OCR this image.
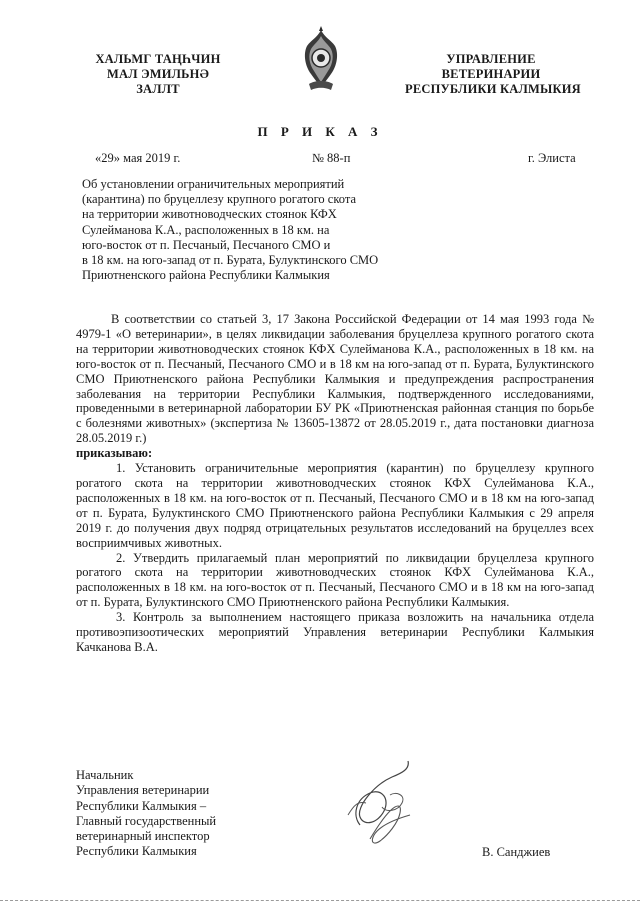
ХАЛЬМГ ТАҢҺЧИН
МАЛ ЭМИЛЬНӘ
ЗАЛЛТ
УПРАВЛЕНИЕ
ВЕТЕРИНАРИИ
РЕСПУБЛИКИ КАЛМЫКИЯ
П Р И К А З
«29» мая 2019 г.	№ 88-п	г. Элиста
Об установлении ограничительных мероприятий
(карантина) по бруцеллезу крупного рогатого скота
на территории животноводческих стоянок КФХ
Сулейманова К.А., расположенных в 18 км. на
юго-восток от п. Песчаный, Песчаного СМО и
в 18 км. на юго-запад от п. Бурата, Булуктинского СМО
Приютненского района Республики Калмыкия

В соответствии со статьей 3, 17 Закона Российской Федерации от 14 мая 1993 года № 4979-1 «О ветеринарии», в целях ликвидации заболевания бруцеллеза крупного рогатого скота на территории животноводческих стоянок КФХ Сулейманова К.А., расположенных в 18 км. на юго-восток от п. Песчаный, Песчаного СМО и в 18 км на юго-запад от п. Бурата, Булуктинского СМО Приютненского района Республики Калмыкия и предупреждения распространения заболевания на территории Республики Калмыкия, подтвержденного исследованиями, проведенными в ветеринарной лаборатории БУ РК «Приютненская районная станция по борьбе с болезнями животных» (экспертиза № 13605-13872 от 28.05.2019 г., дата постановки диагноза 28.05.2019 г.)

приказываю:

1. Установить ограничительные мероприятия (карантин) по бруцеллезу крупного рогатого скота на территории животноводческих стоянок КФХ Сулейманова К.А., расположенных в 18 км. на юго-восток от п. Песчаный, Песчаного СМО и в 18 км на юго-запад от п. Бурата, Булуктинского СМО Приютненского района Республики Калмыкия с 29 апреля 2019 г. до получения двух подряд отрицательных результатов исследований на бруцеллез всех восприимчивых животных.

2. Утвердить прилагаемый план мероприятий по ликвидации бруцеллеза крупного рогатого скота на территории животноводческих стоянок КФХ Сулейманова К.А., расположенных в 18 км. на юго-восток от п. Песчаный, Песчаного СМО и в 18 км на юго-запад от п. Бурата, Булуктинского СМО Приютненского района Республики Калмыкия.

3. Контроль за выполнением настоящего приказа возложить на начальника отдела противоэпизоотических мероприятий Управления ветеринарии Республики Калмыкия Качканова В.А.

Начальник
Управления ветеринарии
Республики Калмыкия –
Главный государственный
ветеринарный инспектор
Республики Калмыкия	В. Санджиев
